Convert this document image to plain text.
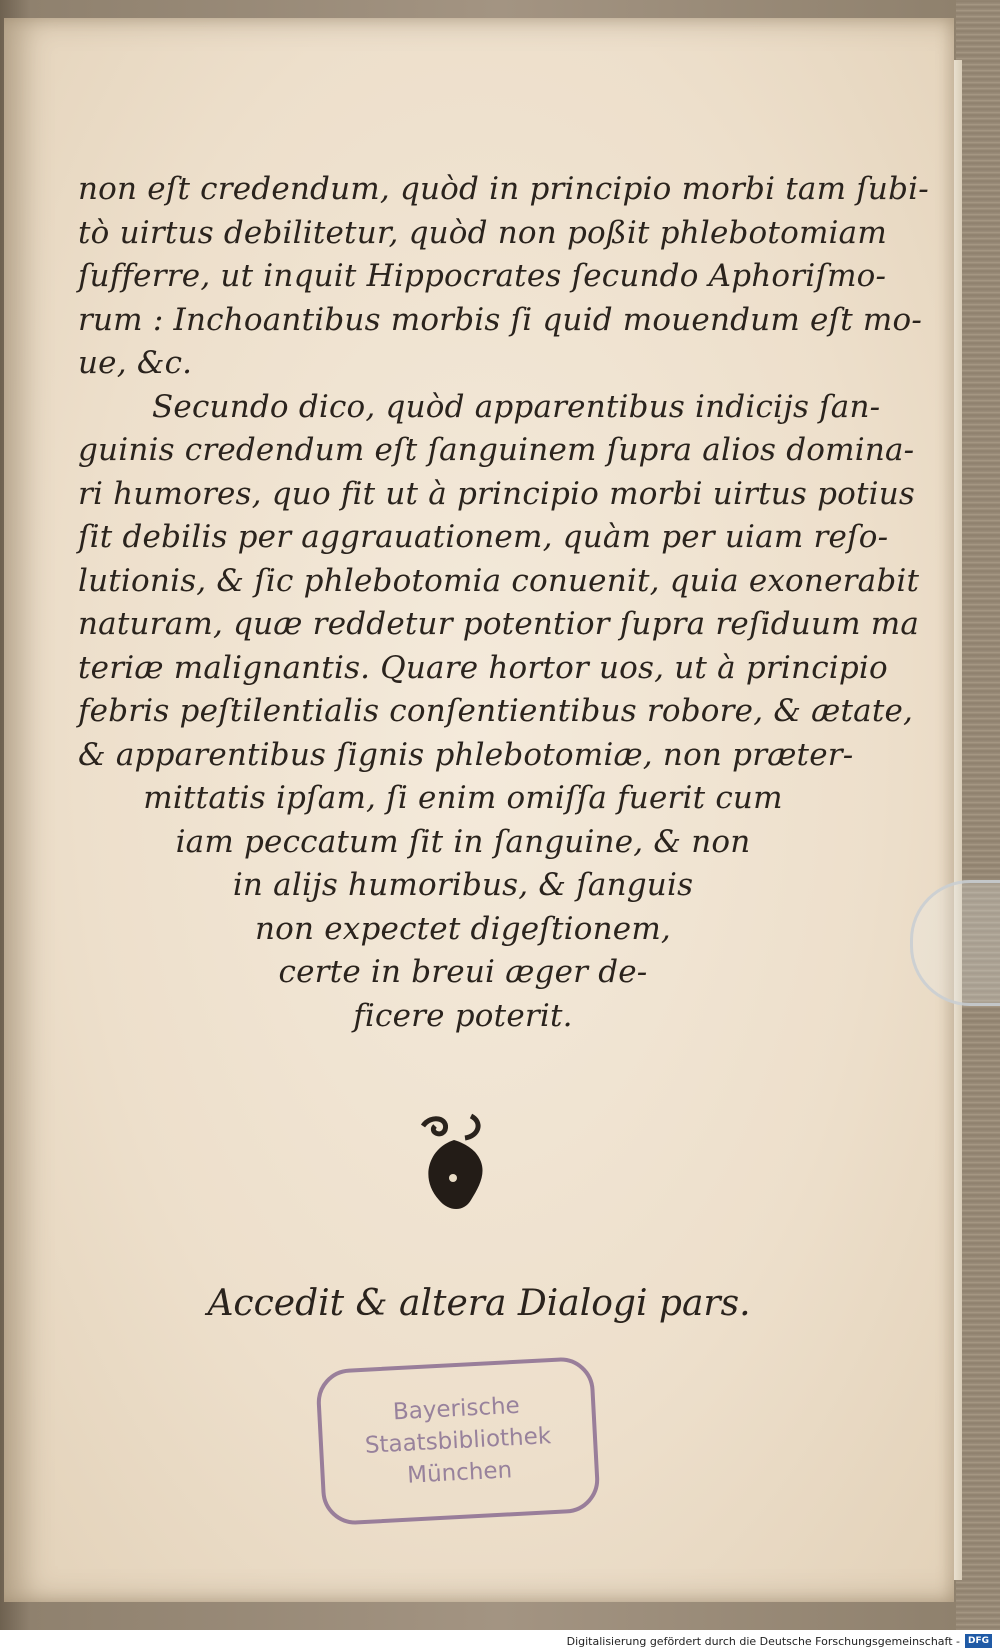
non eſt credendum, quòd in principio morbi tam ſubi-
tò uirtus debilitetur, quòd non poßit phlebotomiam
ſufferre, ut inquit Hippocrates ſecundo Aphoriſmo-
rum : Inchoantibus morbis ſi quid mouendum eſt mo-
ue, &c.
Secundo dico, quòd apparentibus indicijs ſan-
guinis credendum eſt ſanguinem ſupra alios domina-
ri humores, quo fit ut à principio morbi uirtus potius
ſit debilis per aggrauationem, quàm per uiam reſo-
lutionis, & ſic phlebotomia conuenit, quia exonerabit
naturam, quæ reddetur potentior ſupra reſiduum ma
teriæ malignantis. Quare hortor uos, ut à principio
febris peſtilentialis conſentientibus robore, & ætate,
& apparentibus ſignis phlebotomiæ, non præter-
mittatis ipſam, ſi enim omiſſa fuerit cum
iam peccatum ſit in ſanguine, & non
in alijs humoribus, & ſanguis
non expectet digeſtionem,
certe in breui æger de-
ficere poterit.
Accedit & altera Dialogi pars.
Bayerische
Staatsbibliothek
München
Digitalisierung gefördert durch die Deutsche Forschungsgemeinschaft - DFG
